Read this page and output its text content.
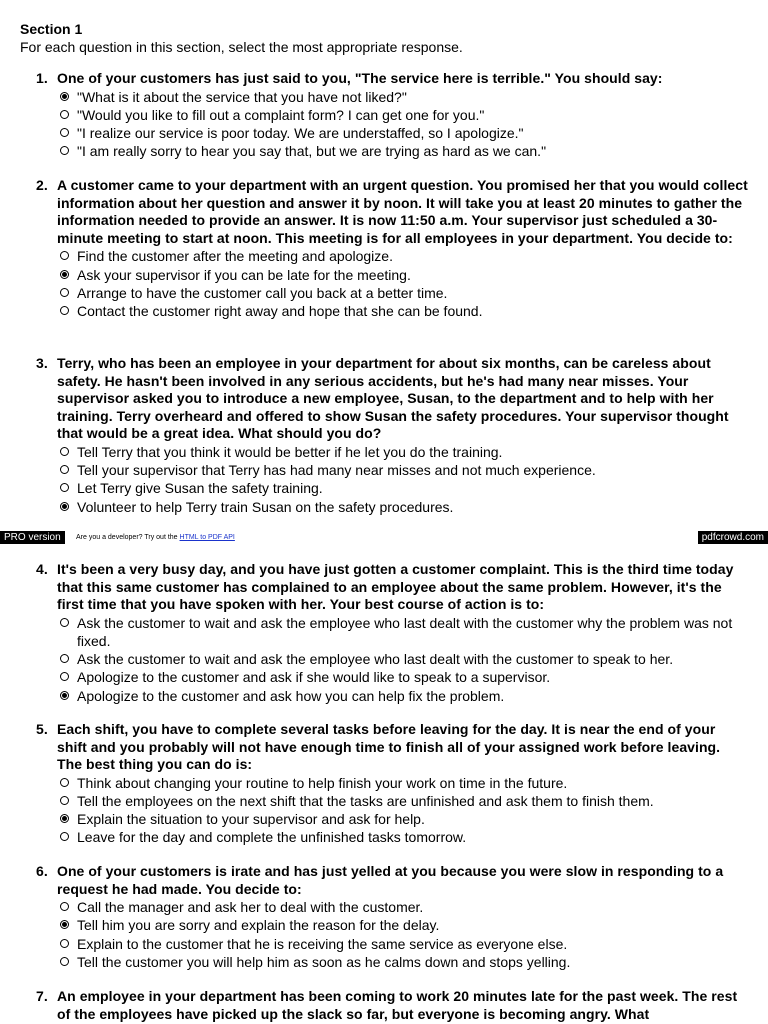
Section 1
For each question in this section, select the most appropriate response.
1. One of your customers has just said to you, "The service here is terrible." You should say:
"What is it about the service that you have not liked?"
"Would you like to fill out a complaint form? I can get one for you."
"I realize our service is poor today. We are understaffed, so I apologize."
"I am really sorry to hear you say that, but we are trying as hard as we can."
2. A customer came to your department with an urgent question. You promised her that you would collect information about her question and answer it by noon. It will take you at least 20 minutes to gather the information needed to provide an answer. It is now 11:50 a.m. Your supervisor just scheduled a 30-minute meeting to start at noon. This meeting is for all employees in your department. You decide to:
Find the customer after the meeting and apologize.
Ask your supervisor if you can be late for the meeting.
Arrange to have the customer call you back at a better time.
Contact the customer right away and hope that she can be found.
3. Terry, who has been an employee in your department for about six months, can be careless about safety. He hasn't been involved in any serious accidents, but he's had many near misses. Your supervisor asked you to introduce a new employee, Susan, to the department and to help with her training. Terry overheard and offered to show Susan the safety procedures. Your supervisor thought that would be a great idea. What should you do?
Tell Terry that you think it would be better if he let you do the training.
Tell your supervisor that Terry has had many near misses and not much experience.
Let Terry give Susan the safety training.
Volunteer to help Terry train Susan on the safety procedures.
PRO version	Are you a developer? Try out the HTML to PDF API	pdfcrowd.com
4. It's been a very busy day, and you have just gotten a customer complaint. This is the third time today that this same customer has complained to an employee about the same problem. However, it's the first time that you have spoken with her. Your best course of action is to:
Ask the customer to wait and ask the employee who last dealt with the customer why the problem was not fixed.
Ask the customer to wait and ask the employee who last dealt with the customer to speak to her.
Apologize to the customer and ask if she would like to speak to a supervisor.
Apologize to the customer and ask how you can help fix the problem.
5. Each shift, you have to complete several tasks before leaving for the day. It is near the end of your shift and you probably will not have enough time to finish all of your assigned work before leaving. The best thing you can do is:
Think about changing your routine to help finish your work on time in the future.
Tell the employees on the next shift that the tasks are unfinished and ask them to finish them.
Explain the situation to your supervisor and ask for help.
Leave for the day and complete the unfinished tasks tomorrow.
6. One of your customers is irate and has just yelled at you because you were slow in responding to a request he had made. You decide to:
Call the manager and ask her to deal with the customer.
Tell him you are sorry and explain the reason for the delay.
Explain to the customer that he is receiving the same service as everyone else.
Tell the customer you will help him as soon as he calms down and stops yelling.
7. An employee in your department has been coming to work 20 minutes late for the past week. The rest of the employees have picked up the slack so far, but everyone is becoming angry. What
